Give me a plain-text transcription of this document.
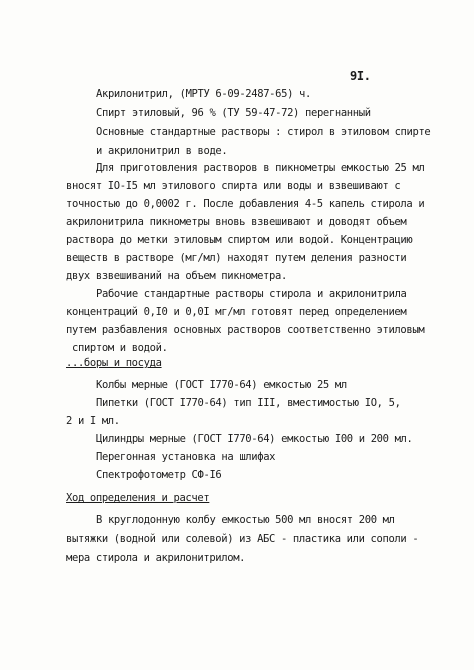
9I.
Акрилонитрил, (МРТУ 6-09-2487-65) ч.
Спирт этиловый, 96 % (ТУ 59-47-72) перегнанный
Основные стандартные растворы : стирол в этиловом спирте
и акрилонитрил в воде.
Для приготовления растворов в пикнометры емкостью 25 мл
вносят IO-I5 мл этилового спирта или воды и взвешивают с
точностью до 0,0002 г. После добавления 4-5 капель стирола и
акрилонитрила пикнометры вновь взвешивают и доводят объем
раствора до метки этиловым спиртом или водой. Концентрацию
веществ в растворе (мг/мл) находят путем деления разности
двух взвешиваний на объем пикнометра.
Рабочие стандартные растворы стирола и акрилонитрила
концентраций 0,I0 и 0,0I мг/мл готовят перед определением
путем разбавления основных растворов соответственно этиловым
спиртом и водой.
...боры и посуда
Колбы мерные (ГОСТ I770-64) емкостью 25 мл
Пипетки (ГОСТ I770-64) тип III, вместимостью IO, 5,
2 и I мл.
Цилиндры мерные (ГОСТ I770-64) емкостью I00 и 200 мл.
Перегонная установка на шлифах
Спектрофотометр СФ-I6
Ход определения и расчет
В круглодонную колбу емкостью 500 мл вносят 200 мл
вытяжки (водной или солевой) из АБС - пластика или сополи -
мера стирола и акрилонитрилом.
